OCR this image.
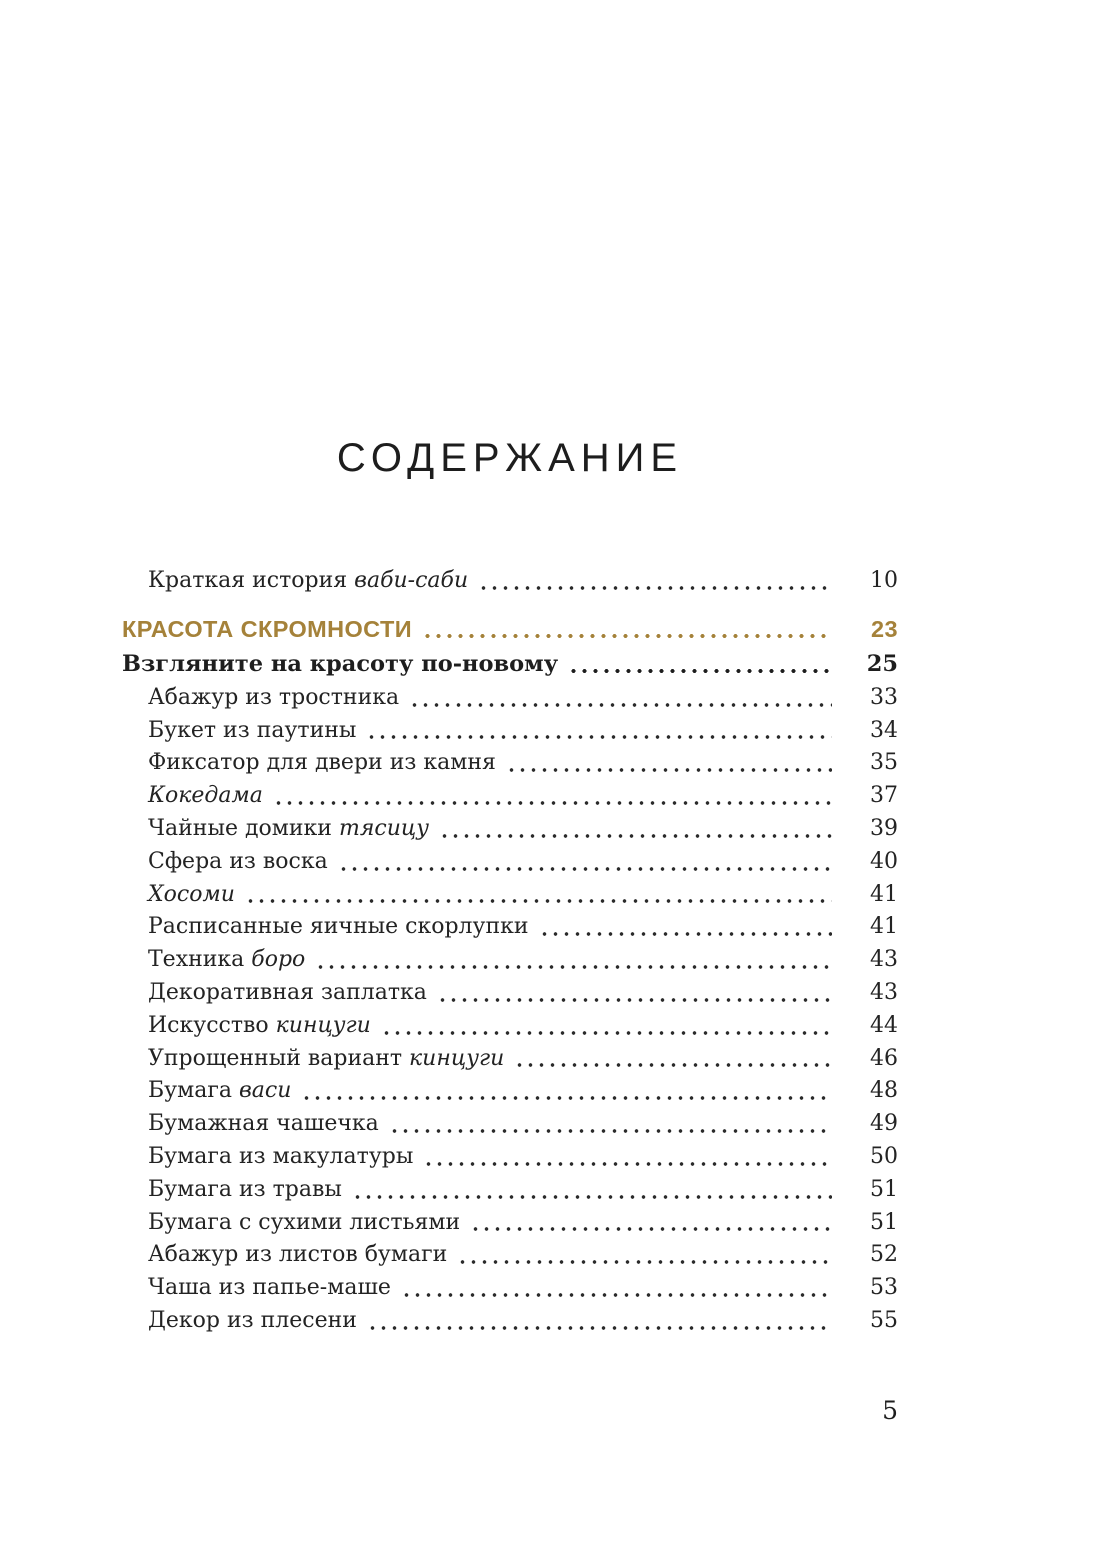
СОДЕРЖАНИЕ
Краткая история ваби-саби	10
КРАСОТА СКРОМНОСТИ	23
Взгляните на красоту по-новому	25
Абажур из тростника	33
Букет из паутины	34
Фиксатор для двери из камня	35
Кокедама	37
Чайные домики тясицу	39
Сфера из воска	40
Хосоми	41
Расписанные яичные скорлупки	41
Техника боро	43
Декоративная заплатка	43
Искусство кинцуги	44
Упрощенный вариант кинцуги	46
Бумага васи	48
Бумажная чашечка	49
Бумага из макулатуры	50
Бумага из травы	51
Бумага с сухими листьями	51
Абажур из листов бумаги	52
Чаша из папье-маше	53
Декор из плесени	55
5
